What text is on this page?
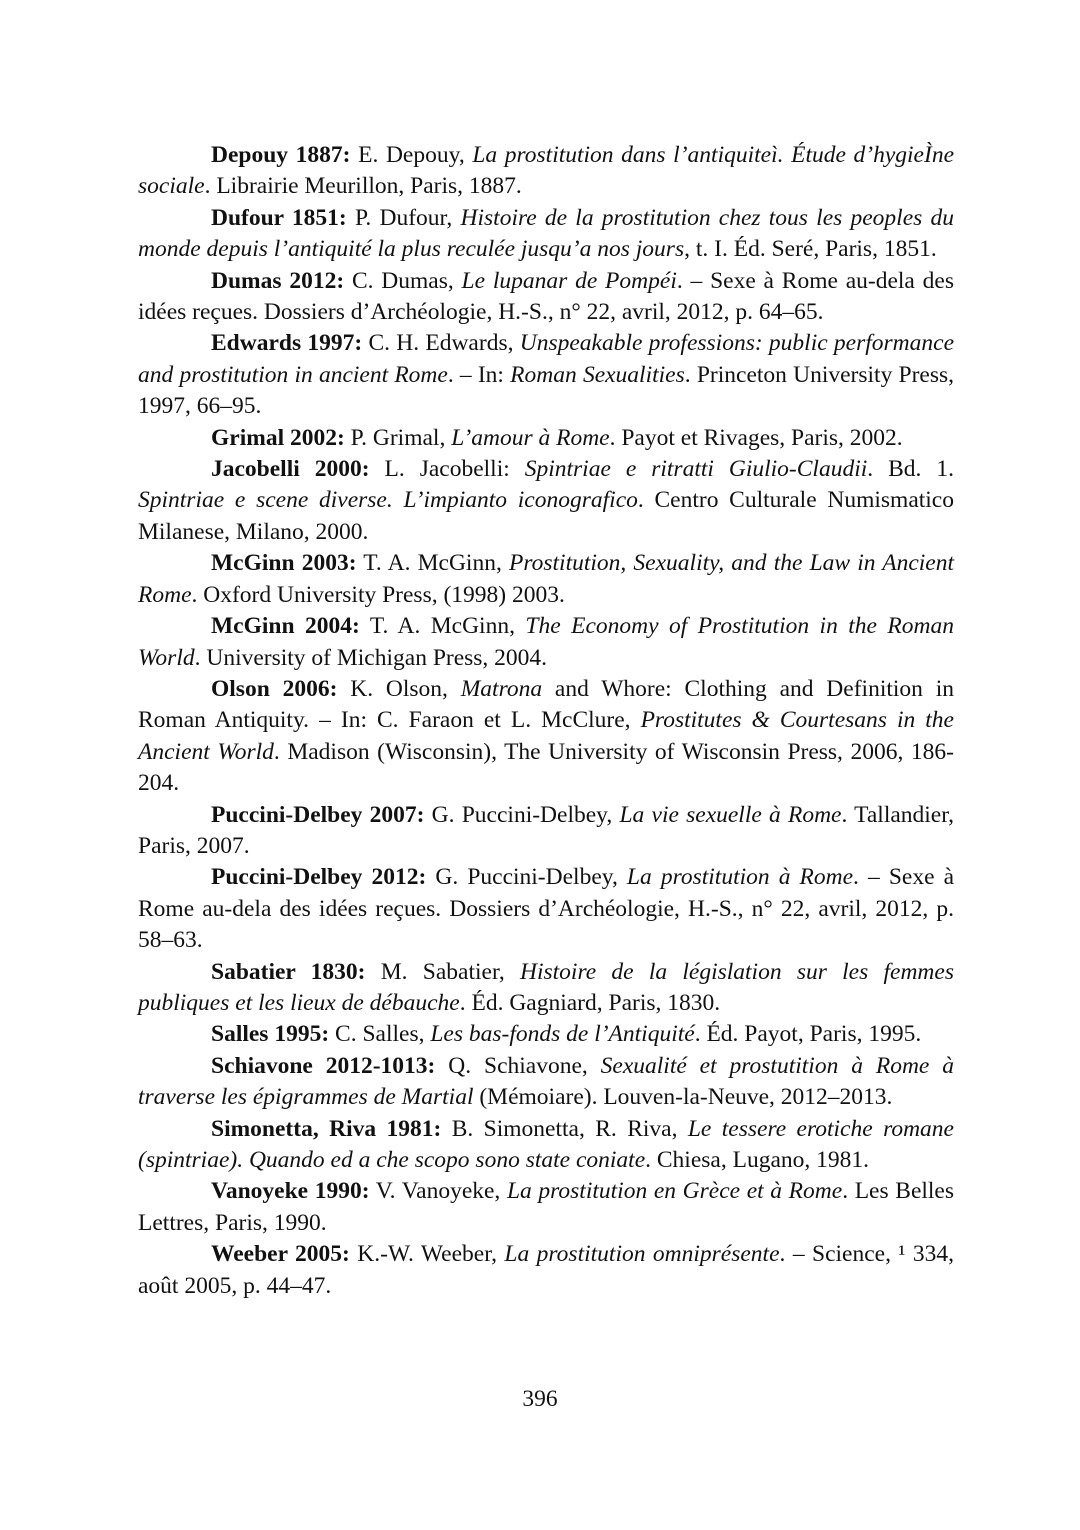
Depouy 1887: E. Depouy, La prostitution dans l’antiquiteì. Étude d’hygieÌne sociale. Librairie Meurillon, Paris, 1887.

Dufour 1851: P. Dufour, Histoire de la prostitution chez tous les peoples du monde depuis l’antiquité la plus reculée jusqu’a nos jours, t. I. Éd. Seré, Paris, 1851.

Dumas 2012: C. Dumas, Le lupanar de Pompéi. – Sexe à Rome au-dela des idées reçues. Dossiers d’Archéologie, H.-S., n° 22, avril, 2012, p. 64–65.

Edwards 1997: C. H. Edwards, Unspeakable professions: public performance and prostitution in ancient Rome. – In: Roman Sexualities. Princeton University Press, 1997, 66–95.

Grimal 2002: P. Grimal, L’amour à Rome. Payot et Rivages, Paris, 2002.

Jacobelli 2000: L. Jacobelli: Spintriae e ritratti Giulio-Claudii. Bd. 1. Spintriae e scene diverse. L’impianto iconografico. Centro Culturale Numismatico Milanese, Milano, 2000.

McGinn 2003: T. A. McGinn, Prostitution, Sexuality, and the Law in Ancient Rome. Oxford University Press, (1998) 2003.

McGinn 2004: T. A. McGinn, The Economy of Prostitution in the Roman World. University of Michigan Press, 2004.

Olson 2006: K. Olson, Matrona and Whore: Clothing and Definition in Roman Antiquity. – In: C. Faraon et L. McClure, Prostitutes & Courtesans in the Ancient World. Madison (Wisconsin), The University of Wisconsin Press, 2006, 186-204.

Puccini-Delbey 2007: G. Puccini-Delbey, La vie sexuelle à Rome. Tallandier, Paris, 2007.

Puccini-Delbey 2012: G. Puccini-Delbey, La prostitution à Rome. – Sexe à Rome au-dela des idées reçues. Dossiers d’Archéologie, H.-S., n° 22, avril, 2012, p. 58–63.

Sabatier 1830: M. Sabatier, Histoire de la législation sur les femmes publiques et les lieux de débauche. Éd. Gagniard, Paris, 1830.

Salles 1995: C. Salles, Les bas-fonds de l’Antiquité. Éd. Payot, Paris, 1995.

Schiavone 2012-1013: Q. Schiavone, Sexualité et prostutition à Rome à traverse les épigrammes de Martial (Mémoiare). Louven-la-Neuve, 2012–2013.

Simonetta, Riva 1981: B. Simonetta, R. Riva, Le tessere erotiche romane (spintriae). Quando ed a che scopo sono state coniate. Chiesa, Lugano, 1981.

Vanoyeke 1990: V. Vanoyeke, La prostitution en Grèce et à Rome. Les Belles Lettres, Paris, 1990.

Weeber 2005: K.-W. Weeber, La prostitution omniprésente. – Science, ¹ 334, août 2005, p. 44–47.

396
